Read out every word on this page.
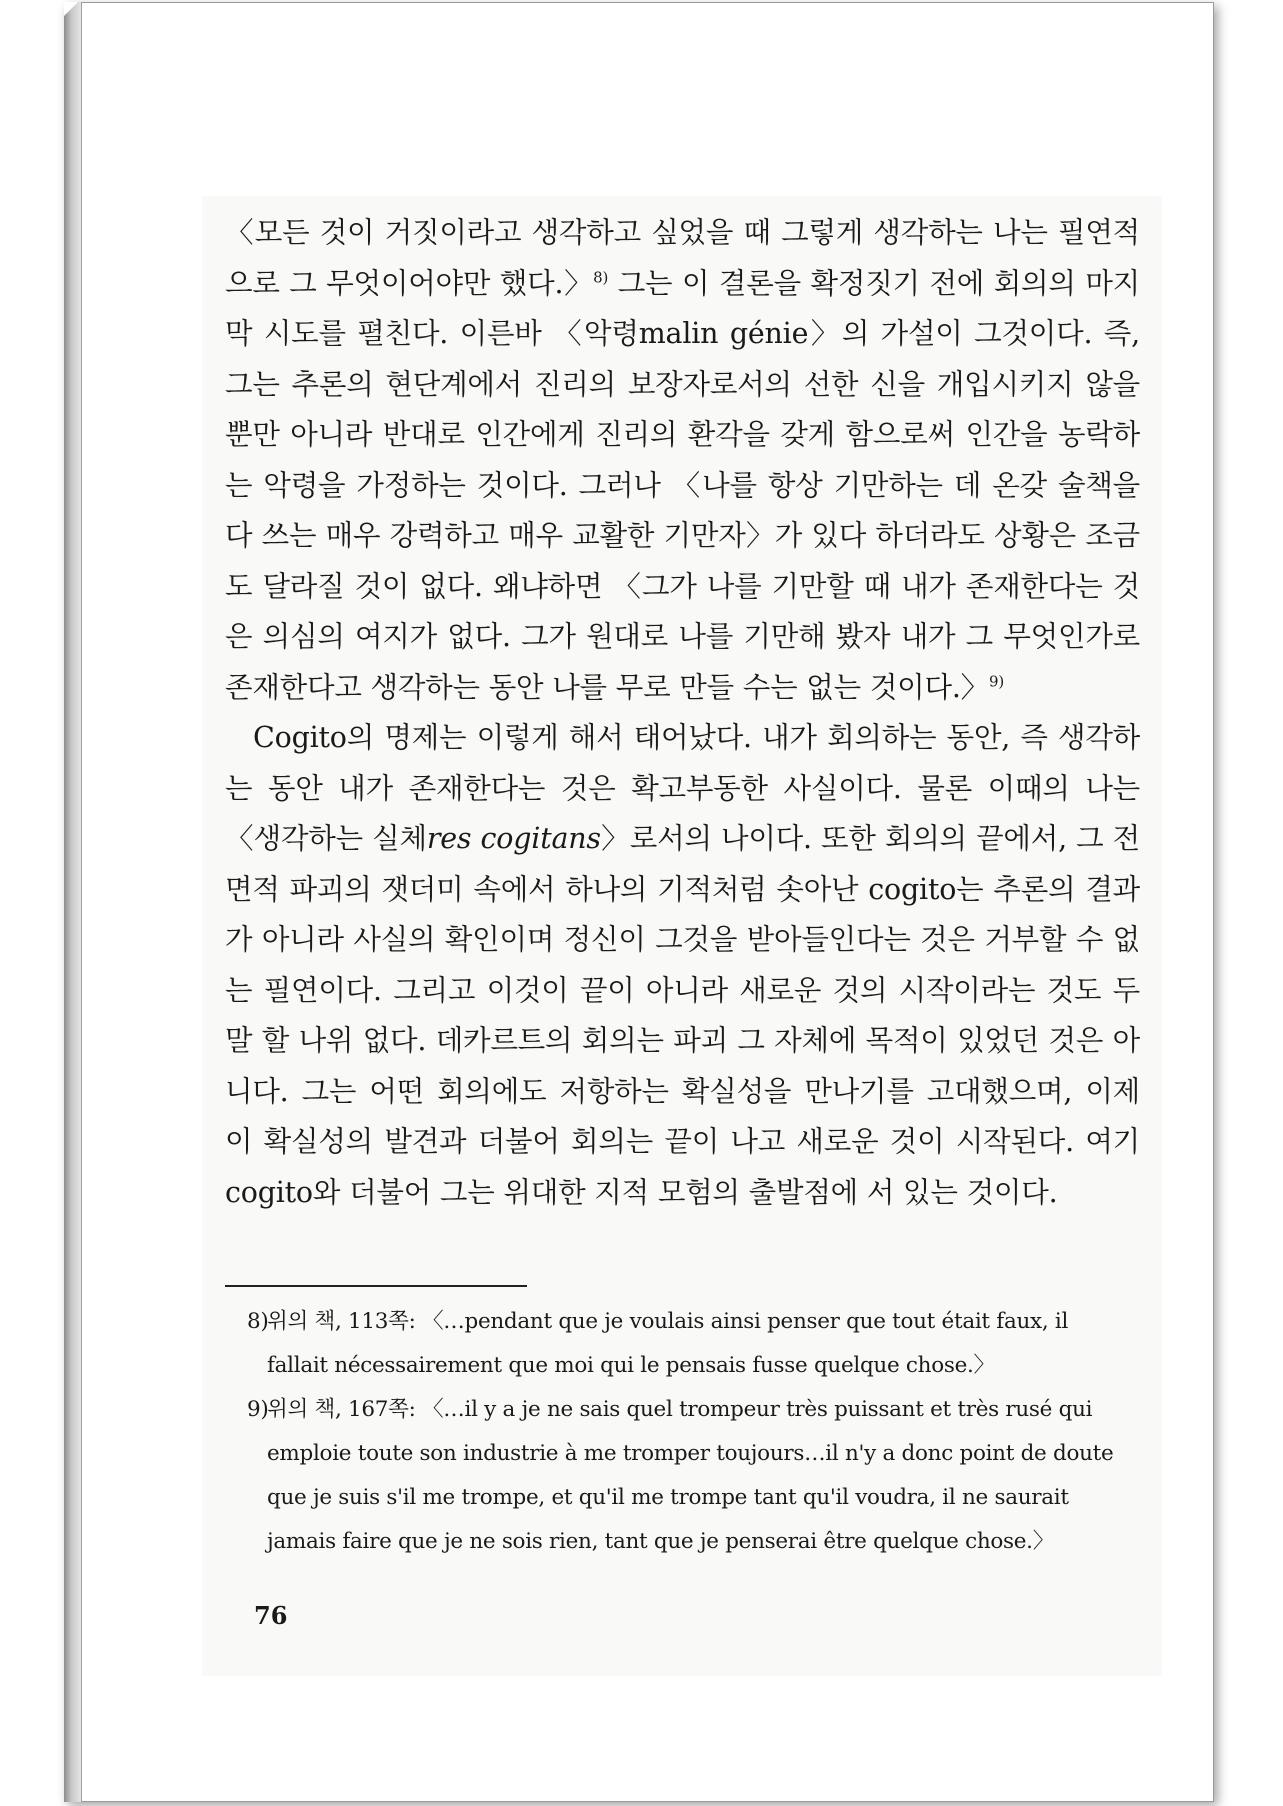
〈모든 것이 거짓이라고 생각하고 싶었을 때 그렇게 생각하는 나는 필연적으로 그 무엇이어야만 했다.〉$^{8)}$ 그는 이 결론을 확정짓기 전에 회의의 마지막 시도를 펼친다. 이른바 〈악령malin génie〉의 가설이 그것이다. 즉, 그는 추론의 현단계에서 진리의 보장자로서의 선한 신을 개입시키지 않을 뿐만 아니라 반대로 인간에게 진리의 환각을 갖게 함으로써 인간을 농락하는 악령을 가정하는 것이다. 그러나 〈나를 항상 기만하는 데 온갖 술책을 다 쓰는 매우 강력하고 매우 교활한 기만자〉가 있다 하더라도 상황은 조금도 달라질 것이 없다. 왜냐하면 〈그가 나를 기만할 때 내가 존재한다는 것은 의심의 여지가 없다. 그가 원대로 나를 기만해 봤자 내가 그 무엇인가로 존재한다고 생각하는 동안 나를 무로 만들 수는 없는 것이다.〉$^{9)}$

Cogito의 명제는 이렇게 해서 태어났다. 내가 회의하는 동안, 즉 생각하는 동안 내가 존재한다는 것은 확고부동한 사실이다. 물론 이때의 나는 〈생각하는 실체res cogitans〉로서의 나이다. 또한 회의의 끝에서, 그 전면적 파괴의 잿더미 속에서 하나의 기적처럼 솟아난 cogito는 추론의 결과가 아니라 사실의 확인이며 정신이 그것을 받아들인다는 것은 거부할 수 없는 필연이다. 그리고 이것이 끝이 아니라 새로운 것의 시작이라는 것도 두말 할 나위 없다. 데카르트의 회의는 파괴 그 자체에 목적이 있었던 것은 아니다. 그는 어떤 회의에도 저항하는 확실성을 만나기를 고대했으며, 이제 이 확실성의 발견과 더불어 회의는 끝이 나고 새로운 것이 시작된다. 여기 cogito와 더불어 그는 위대한 지적 모험의 출발점에 서 있는 것이다.

8)
위의 책, 113쪽: 〈…pendant que je voulais ainsi penser que tout était faux, il fallait nécessairement que moi qui le pensais fusse quelque chose.〉

9)
위의 책, 167쪽: 〈…il y a je ne sais quel trompeur très puissant et très rusé qui emploie toute son industrie à me tromper toujours…il n'y a donc point de doute que je suis s'il me trompe, et qu'il me trompe tant qu'il voudra, il ne saurait jamais faire que je ne sois rien, tant que je penserai être quelque chose.〉

76
